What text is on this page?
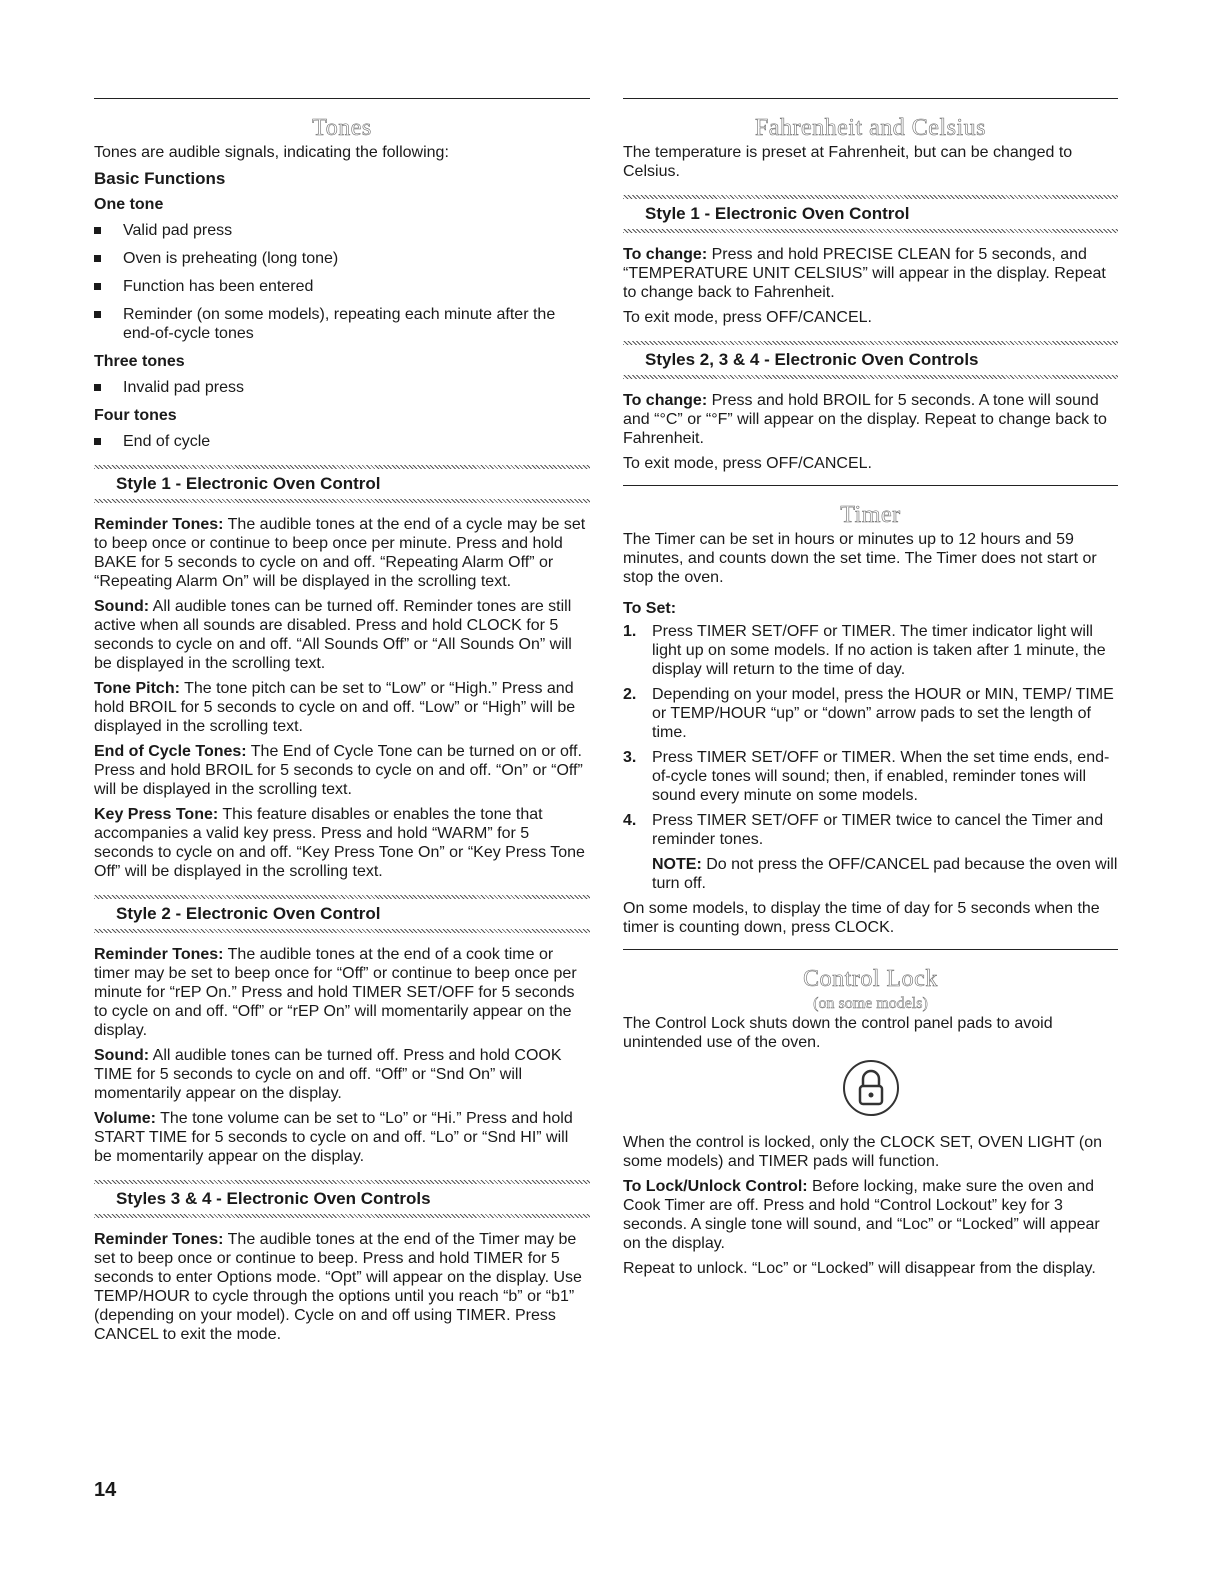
Tones

Tones are audible signals, indicating the following:

Basic Functions
One tone
Valid pad press
Oven is preheating (long tone)
Function has been entered
Reminder (on some models), repeating each minute after the end-of-cycle tones
Three tones
Invalid pad press
Four tones
End of cycle
Style 1 - Electronic Oven Control

Reminder Tones: The audible tones at the end of a cycle may be set to beep once or continue to beep once per minute. Press and hold BAKE for 5 seconds to cycle on and off. “Repeating Alarm Off” or “Repeating Alarm On” will be displayed in the scrolling text.

Sound: All audible tones can be turned off. Reminder tones are still active when all sounds are disabled. Press and hold CLOCK for 5 seconds to cycle on and off. “All Sounds Off” or “All Sounds On” will be displayed in the scrolling text.

Tone Pitch: The tone pitch can be set to “Low” or “High.” Press and hold BROIL for 5 seconds to cycle on and off. “Low” or “High” will be displayed in the scrolling text.

End of Cycle Tones: The End of Cycle Tone can be turned on or off. Press and hold BROIL for 5 seconds to cycle on and off. “On” or “Off” will be displayed in the scrolling text.

Key Press Tone: This feature disables or enables the tone that accompanies a valid key press. Press and hold “WARM” for 5 seconds to cycle on and off. “Key Press Tone On” or “Key Press Tone Off” will be displayed in the scrolling text.

Style 2 - Electronic Oven Control

Reminder Tones: The audible tones at the end of a cook time or timer may be set to beep once for “Off” or continue to beep once per minute for “rEP On.” Press and hold TIMER SET/OFF for 5 seconds to cycle on and off. “Off” or “rEP On” will momentarily appear on the display.

Sound: All audible tones can be turned off. Press and hold COOK TIME for 5 seconds to cycle on and off. “Off” or “Snd On” will momentarily appear on the display.

Volume: The tone volume can be set to “Lo” or “Hi.” Press and hold START TIME for 5 seconds to cycle on and off. “Lo” or “Snd HI” will be momentarily appear on the display.

Styles 3 & 4 - Electronic Oven Controls

Reminder Tones: The audible tones at the end of the Timer may be set to beep once or continue to beep. Press and hold TIMER for 5 seconds to enter Options mode. “Opt” will appear on the display. Use TEMP/HOUR to cycle through the options until you reach “b” or “b1” (depending on your model). Cycle on and off using TIMER. Press CANCEL to exit the mode.

Fahrenheit and Celsius

The temperature is preset at Fahrenheit, but can be changed to Celsius.

Style 1 - Electronic Oven Control

To change: Press and hold PRECISE CLEAN for 5 seconds, and “TEMPERATURE UNIT CELSIUS” will appear in the display. Repeat to change back to Fahrenheit.

To exit mode, press OFF/CANCEL.

Styles 2, 3 & 4 - Electronic Oven Controls

To change: Press and hold BROIL for 5 seconds. A tone will sound and “°C” or “°F” will appear on the display. Repeat to change back to Fahrenheit.

To exit mode, press OFF/CANCEL.

Timer

The Timer can be set in hours or minutes up to 12 hours and 59 minutes, and counts down the set time. The Timer does not start or stop the oven.

To Set:
1. Press TIMER SET/OFF or TIMER. The timer indicator light will light up on some models. If no action is taken after 1 minute, the display will return to the time of day.
2. Depending on your model, press the HOUR or MIN, TEMP/ TIME or TEMP/HOUR “up” or “down” arrow pads to set the length of time.
3. Press TIMER SET/OFF or TIMER. When the set time ends, end-of-cycle tones will sound; then, if enabled, reminder tones will sound every minute on some models.
4. Press TIMER SET/OFF or TIMER twice to cancel the Timer and reminder tones.
NOTE: Do not press the OFF/CANCEL pad because the oven will turn off.

On some models, to display the time of day for 5 seconds when the timer is counting down, press CLOCK.

Control Lock
(on some models)

The Control Lock shuts down the control panel pads to avoid unintended use of the oven.

When the control is locked, only the CLOCK SET, OVEN LIGHT (on some models) and TIMER pads will function.

To Lock/Unlock Control: Before locking, make sure the oven and Cook Timer are off. Press and hold “Control Lockout” key for 3 seconds. A single tone will sound, and “Loc” or “Locked” will appear on the display.

Repeat to unlock. “Loc” or “Locked” will disappear from the display.

14
